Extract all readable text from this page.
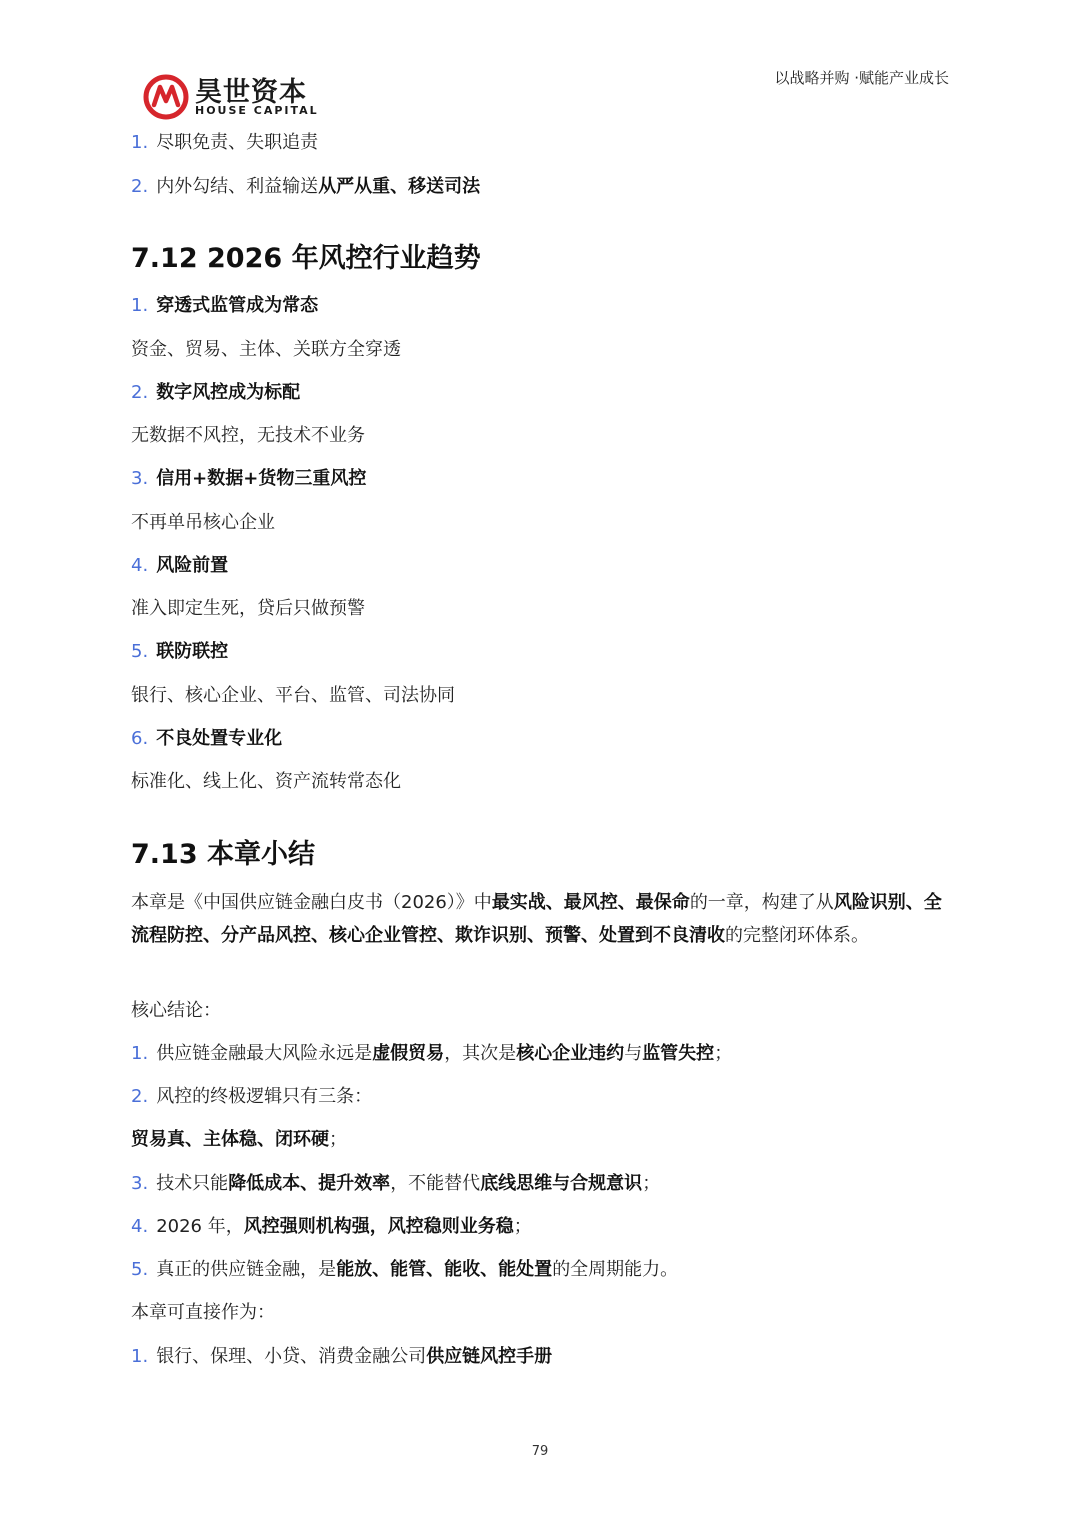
昊世资本
HOUSE CAPITAL
以战略并购 ·赋能产业成长
1. 尽职免责、失职追责
2. 内外勾结、利益输送从严从重、移送司法
7.12 2026 年风控行业趋势
1. 穿透式监管成为常态
资金、贸易、主体、关联方全穿透
2. 数字风控成为标配
无数据不风控，无技术不业务
3. 信用+数据+货物三重风控
不再单吊核心企业
4. 风险前置
准入即定生死，贷后只做预警
5. 联防联控
银行、核心企业、平台、监管、司法协同
6. 不良处置专业化
标准化、线上化、资产流转常态化
7.13 本章小结
本章是《中国供应链金融白皮书（2026）》中最实战、最风控、最保命的一章，构建了从风险识别、全流程防控、分产品风控、核心企业管控、欺诈识别、预警、处置到不良清收的完整闭环体系。
核心结论：
1. 供应链金融最大风险永远是虚假贸易，其次是核心企业违约与监管失控；
2. 风控的终极逻辑只有三条：
贸易真、主体稳、闭环硬；
3. 技术只能降低成本、提升效率，不能替代底线思维与合规意识；
4. 2026 年，风控强则机构强，风控稳则业务稳；
5. 真正的供应链金融，是能放、能管、能收、能处置的全周期能力。
本章可直接作为：
1. 银行、保理、小贷、消费金融公司供应链风控手册
79
